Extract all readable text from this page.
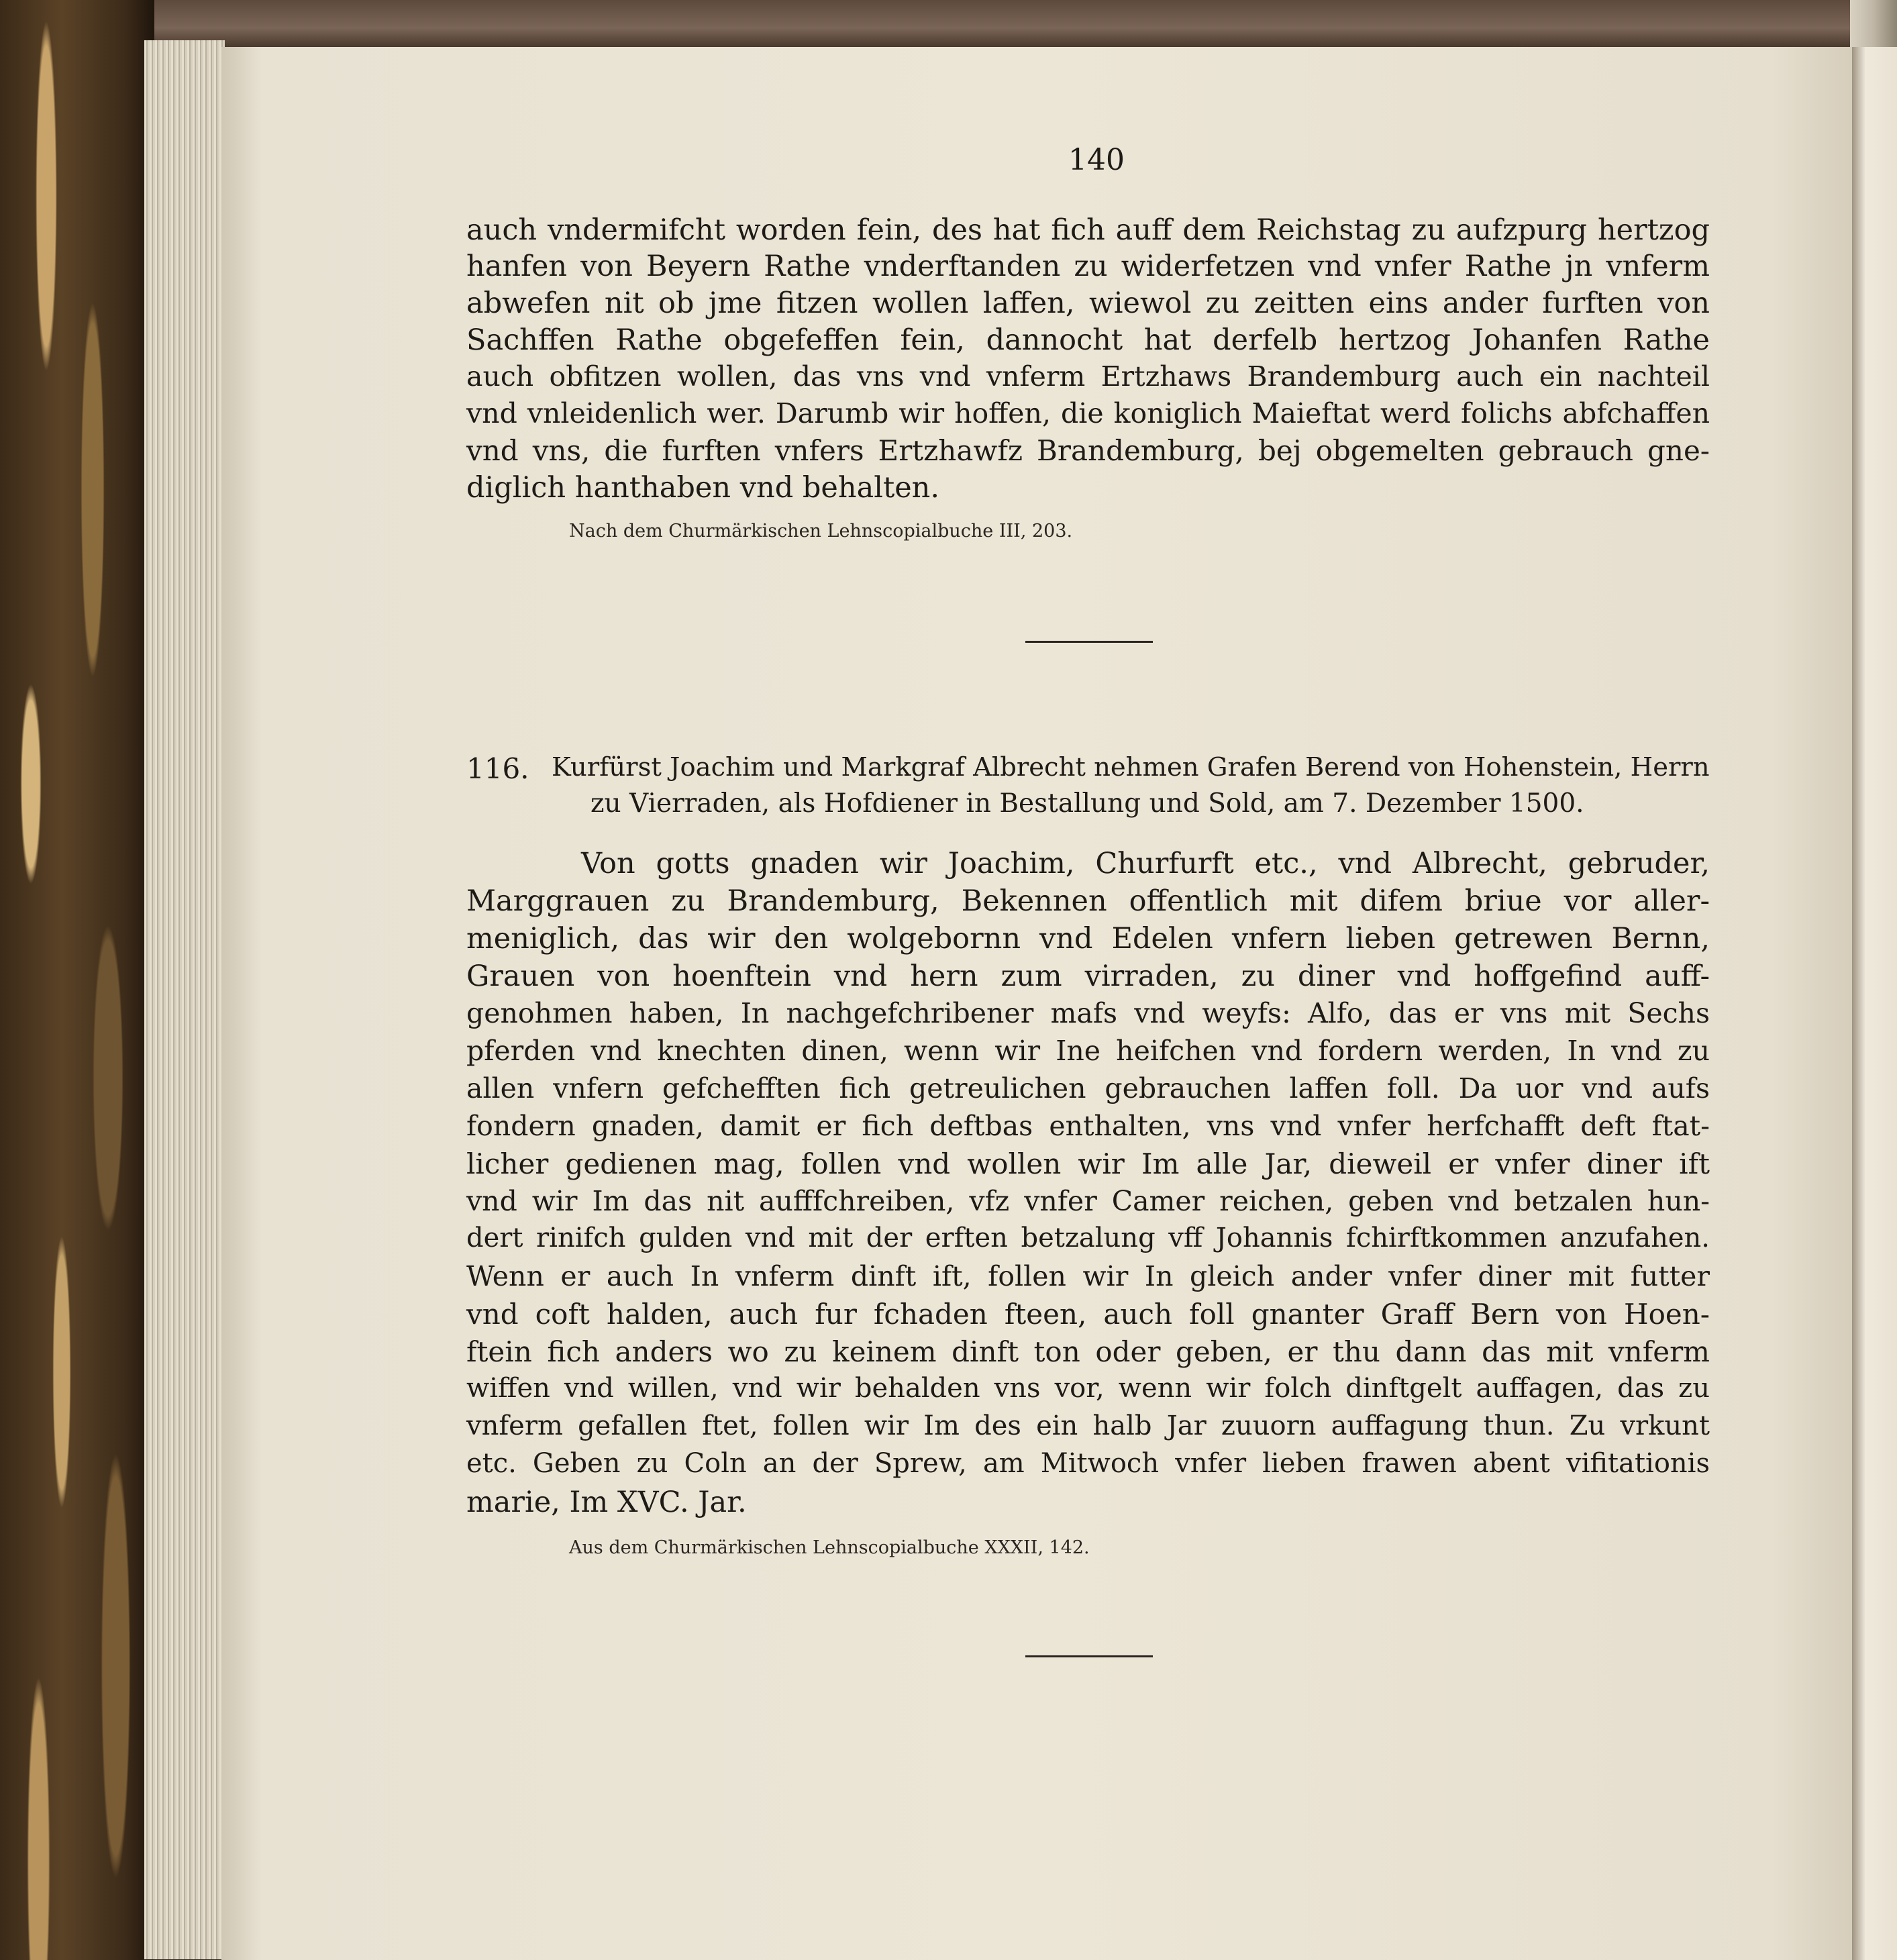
140
auch vndermifcht worden fein, des hat fich auff dem Reichstag zu aufzpurg hertzog
hanfen von Beyern Rathe vnderftanden zu widerfetzen vnd vnfer Rathe jn vnferm
abwefen nit ob jme fitzen wollen laffen, wiewol zu zeitten eins ander furften von
Sachffen Rathe obgefeffen fein, dannocht hat derfelb hertzog Johanfen Rathe
auch obfitzen wollen, das vns vnd vnferm Ertzhaws Brandemburg auch ein nachteil
vnd vnleidenlich wer. Darumb wir hoffen, die koniglich Maieftat werd folichs abfchaffen
vnd vns, die furften vnfers Ertzhawfz Brandemburg, bej obgemelten gebrauch gne-
diglich hanthaben vnd behalten.
Nach dem Churmärkischen Lehnscopialbuche III, 203.
116. Kurfürst Joachim und Markgraf Albrecht nehmen Grafen Berend von Hohenstein, Herrn
zu Vierraden, als Hofdiener in Bestallung und Sold, am 7. Dezember 1500.
Von gotts gnaden wir Joachim, Churfurft etc., vnd Albrecht, gebruder,
Marggrauen zu Brandemburg, Bekennen offentlich mit difem briue vor aller-
meniglich, das wir den wolgebornn vnd Edelen vnfern lieben getrewen Bernn,
Grauen von hoenftein vnd hern zum virraden, zu diner vnd hoffgefind auff-
genohmen haben, In nachgefchribener mafs vnd weyfs: Alfo, das er vns mit Sechs
pferden vnd knechten dinen, wenn wir Ine heifchen vnd fordern werden, In vnd zu
allen vnfern gefchefften fich getreulichen gebrauchen laffen foll. Da uor vnd aufs
fondern gnaden, damit er fich deftbas enthalten, vns vnd vnfer herfchafft deft ftat-
licher gedienen mag, follen vnd wollen wir Im alle Jar, dieweil er vnfer diner ift
vnd wir Im das nit aufffchreiben, vfz vnfer Camer reichen, geben vnd betzalen hun-
dert rinifch gulden vnd mit der erften betzalung vff Johannis fchirftkommen anzufahen.
Wenn er auch In vnferm dinft ift, follen wir In gleich ander vnfer diner mit futter
vnd coft halden, auch fur fchaden fteen, auch foll gnanter Graff Bern von Hoen-
ftein fich anders wo zu keinem dinft ton oder geben, er thu dann das mit vnferm
wiffen vnd willen, vnd wir behalden vns vor, wenn wir folch dinftgelt auffagen, das zu
vnferm gefallen ftet, follen wir Im des ein halb Jar zuuorn auffagung thun. Zu vrkunt
etc. Geben zu Coln an der Sprew, am Mitwoch vnfer lieben frawen abent vifitationis
marie, Im XVC. Jar.
Aus dem Churmärkischen Lehnscopialbuche XXXII, 142.
